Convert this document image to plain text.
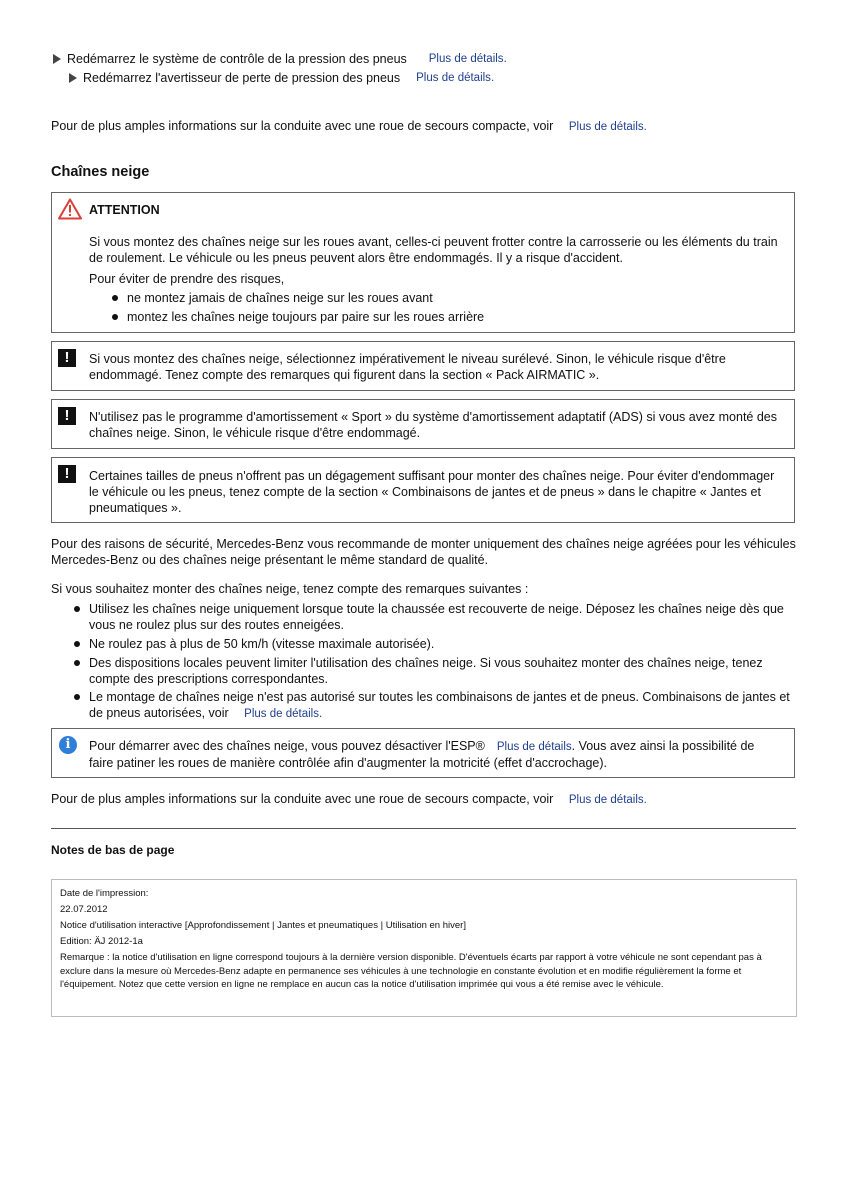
Redémarrez le système de contrôle de la pression des pneus Plus de détails.
Redémarrez l'avertisseur de perte de pression des pneus Plus de détails.
Pour de plus amples informations sur la conduite avec une roue de secours compacte, voir Plus de détails.
Chaînes neige
ATTENTION
Si vous montez des chaînes neige sur les roues avant, celles-ci peuvent frotter contre la carrosserie ou les éléments du train de roulement. Le véhicule ou les pneus peuvent alors être endommagés. Il y a risque d'accident.
Pour éviter de prendre des risques,
ne montez jamais de chaînes neige sur les roues avant
montez les chaînes neige toujours par paire sur les roues arrière
!	Si vous montez des chaînes neige, sélectionnez impérativement le niveau surélevé. Sinon, le véhicule risque d'être endommagé. Tenez compte des remarques qui figurent dans la section « Pack AIRMATIC ».
!	N'utilisez pas le programme d'amortissement « Sport » du système d'amortissement adaptatif (ADS) si vous avez monté des chaînes neige. Sinon, le véhicule risque d'être endommagé.
!	Certaines tailles de pneus n'offrent pas un dégagement suffisant pour monter des chaînes neige. Pour éviter d'endommager le véhicule ou les pneus, tenez compte de la section « Combinaisons de jantes et de pneus » dans le chapitre « Jantes et pneumatiques ».
Pour des raisons de sécurité, Mercedes-Benz vous recommande de monter uniquement des chaînes neige agréées pour les véhicules Mercedes-Benz ou des chaînes neige présentant le même standard de qualité.
Si vous souhaitez monter des chaînes neige, tenez compte des remarques suivantes :
Utilisez les chaînes neige uniquement lorsque toute la chaussée est recouverte de neige. Déposez les chaînes neige dès que vous ne roulez plus sur des routes enneigées.
Ne roulez pas à plus de 50 km/h (vitesse maximale autorisée).
Des dispositions locales peuvent limiter l'utilisation des chaînes neige. Si vous souhaitez monter des chaînes neige, tenez compte des prescriptions correspondantes.
Le montage de chaînes neige n'est pas autorisé sur toutes les combinaisons de jantes et de pneus. Combinaisons de jantes et de pneus autorisées, voir Plus de détails.
i	Pour démarrer avec des chaînes neige, vous pouvez désactiver l'ESP® Plus de détails. Vous avez ainsi la possibilité de faire patiner les roues de manière contrôlée afin d'augmenter la motricité (effet d'accrochage).
Pour de plus amples informations sur la conduite avec une roue de secours compacte, voir Plus de détails.
Notes de bas de page
Date de l'impression:
22.07.2012
Notice d'utilisation interactive [Approfondissement | Jantes et pneumatiques | Utilisation en hiver]
Edition: ÄJ 2012-1a
Remarque : la notice d'utilisation en ligne correspond toujours à la dernière version disponible. D'éventuels écarts par rapport à votre véhicule ne sont cependant pas à exclure dans la mesure où Mercedes-Benz adapte en permanence ses véhicules à une technologie en constante évolution et en modifie régulièrement la forme et l'équipement. Notez que cette version en ligne ne remplace en aucun cas la notice d'utilisation imprimée qui vous a été remise avec le véhicule.
